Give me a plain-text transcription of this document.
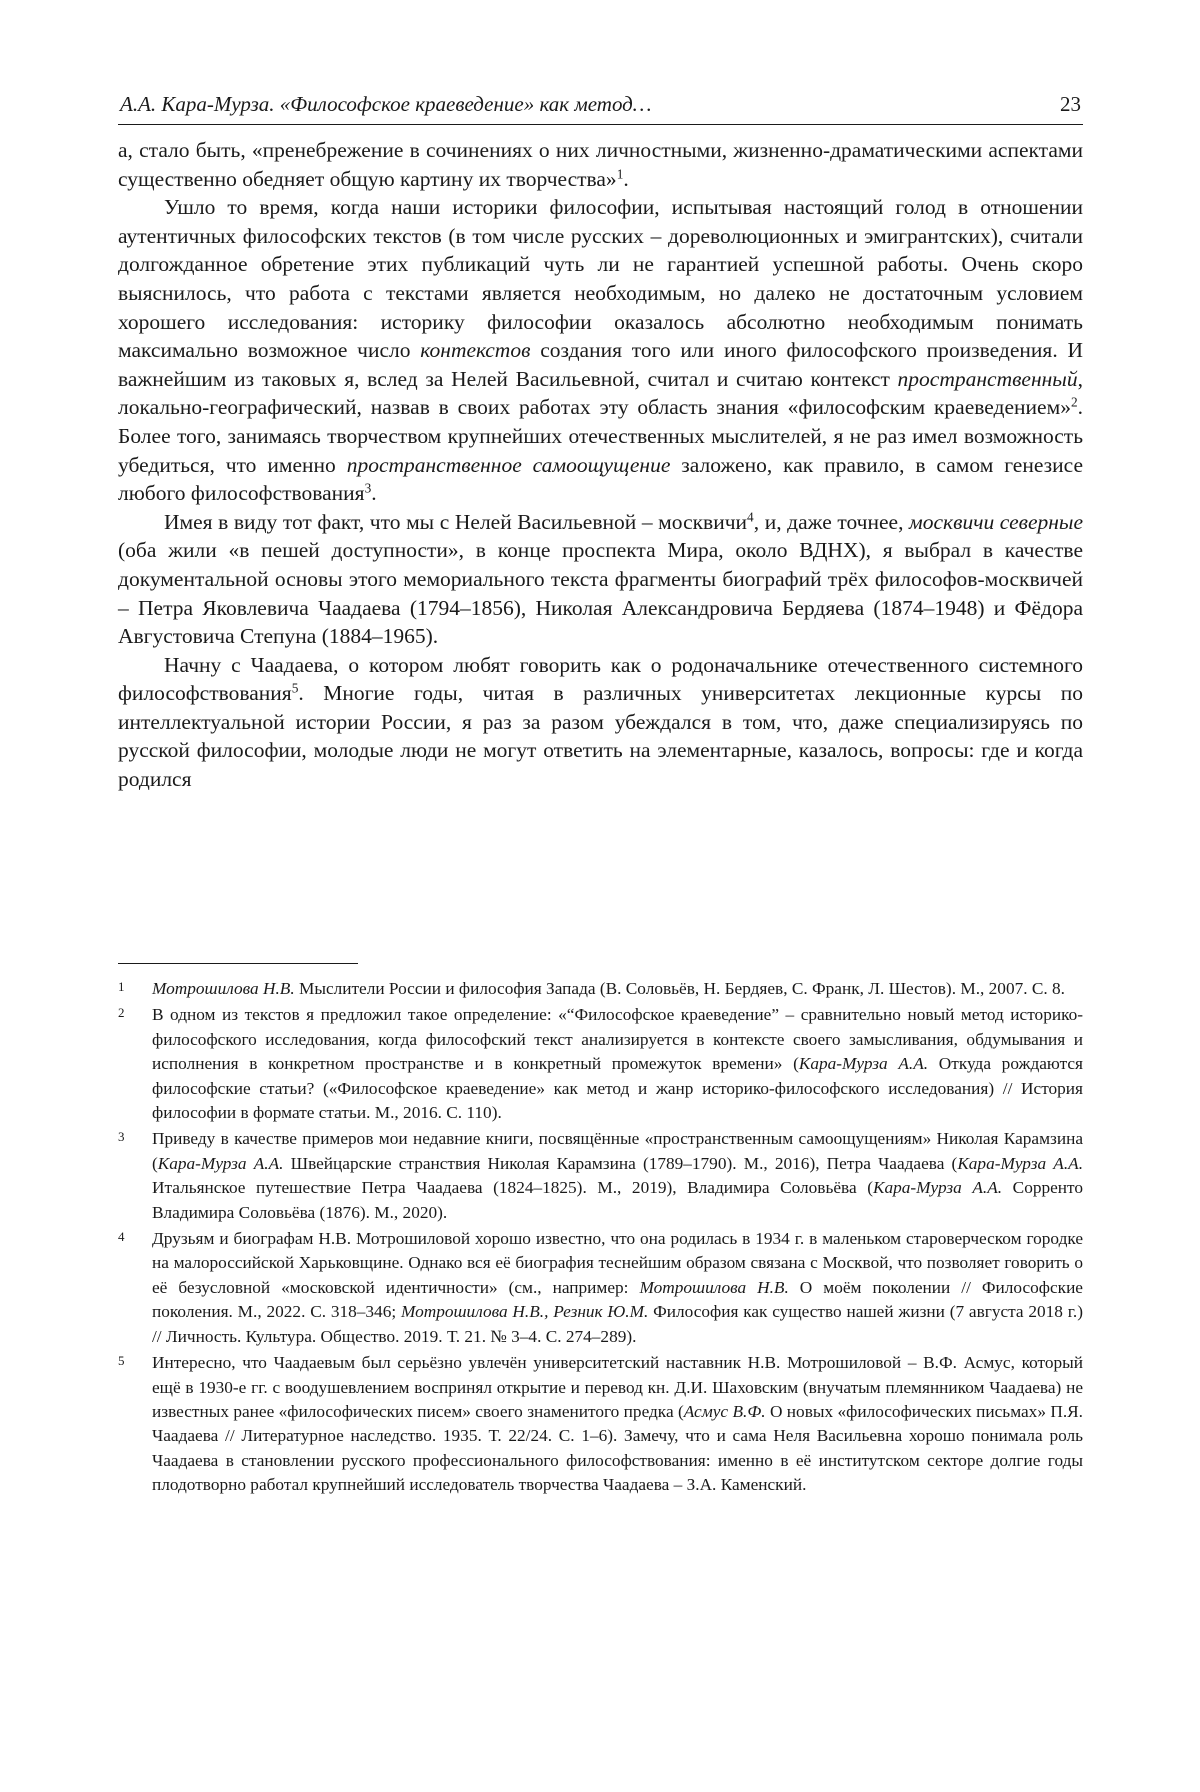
А.А. Кара-Мурза. «Философское краеведение» как метод…	23

а, стало быть, «пренебрежение в сочинениях о них личностными, жизненно-драматическими аспектами существенно обедняет общую картину их творчества»$^1$.

Ушло то время, когда наши историки философии, испытывая настоящий голод в отношении аутентичных философских текстов (в том числе русских – дореволюционных и эмигрантских), считали долгожданное обретение этих публикаций чуть ли не гарантией успешной работы. Очень скоро выяснилось, что работа с текстами является необходимым, но далеко не достаточным условием хорошего исследования: историку философии оказалось абсолютно необходимым понимать максимально возможное число контекстов создания того или иного философского произведения. И важнейшим из таковых я, вслед за Нелей Васильевной, считал и считаю контекст пространственный, локально-географический, назвав в своих работах эту область знания «философским краеведением»$^2$. Более того, занимаясь творчеством крупнейших отечественных мыслителей, я не раз имел возможность убедиться, что именно пространственное самоощущение заложено, как правило, в самом генезисе любого философствования$^3$.

Имея в виду тот факт, что мы с Нелей Васильевной – москвичи$^4$, и, даже точнее, москвичи северные (оба жили «в пешей доступности», в конце проспекта Мира, около ВДНХ), я выбрал в качестве документальной основы этого мемориального текста фрагменты биографий трёх философов-москвичей – Петра Яковлевича Чаадаева (1794–1856), Николая Александровича Бердяева (1874–1948) и Фёдора Августовича Степуна (1884–1965).

Начну с Чаадаева, о котором любят говорить как о родоначальнике отечественного системного философствования$^5$. Многие годы, читая в различных университетах лекционные курсы по интеллектуальной истории России, я раз за разом убеждался в том, что, даже специализируясь по русской философии, молодые люди не могут ответить на элементарные, казалось, вопросы: где и когда родился

1 Мотрошилова Н.В. Мыслители России и философия Запада (В. Соловьёв, Н. Бердяев, С. Франк, Л. Шестов). М., 2007. С. 8.
2 В одном из текстов я предложил такое определение: «“Философское краеведение” – сравнительно новый метод историко-философского исследования, когда философский текст анализируется в контексте своего замысливания, обдумывания и исполнения в конкретном пространстве и в конкретный промежуток времени» (Кара-Мурза А.А. Откуда рождаются философские статьи? («Философское краеведение» как метод и жанр историко-философского исследования) // История философии в формате статьи. М., 2016. С. 110).
3 Приведу в качестве примеров мои недавние книги, посвящённые «пространственным самоощущениям» Николая Карамзина (Кара-Мурза А.А. Швейцарские странствия Николая Карамзина (1789–1790). М., 2016), Петра Чаадаева (Кара-Мурза А.А. Итальянское путешествие Петра Чаадаева (1824–1825). М., 2019), Владимира Соловьёва (Кара-Мурза А.А. Сорренто Владимира Соловьёва (1876). М., 2020).
4 Друзьям и биографам Н.В. Мотрошиловой хорошо известно, что она родилась в 1934 г. в маленьком староверческом городке на малороссийской Харьковщине. Однако вся её биография теснейшим образом связана с Москвой, что позволяет говорить о её безусловной «московской идентичности» (см., например: Мотрошилова Н.В. О моём поколении // Философские поколения. М., 2022. С. 318–346; Мотрошилова Н.В., Резник Ю.М. Философия как существо нашей жизни (7 августа 2018 г.) // Личность. Культура. Общество. 2019. Т. 21. № 3–4. С. 274–289).
5 Интересно, что Чаадаевым был серьёзно увлечён университетский наставник Н.В. Мотрошиловой – В.Ф. Асмус, который ещё в 1930-е гг. с воодушевлением воспринял открытие и перевод кн. Д.И. Шаховским (внучатым племянником Чаадаева) не известных ранее «философических писем» своего знаменитого предка (Асмус В.Ф. О новых «философических письмах» П.Я. Чаадаева // Литературное наследство. 1935. Т. 22/24. С. 1–6). Замечу, что и сама Неля Васильевна хорошо понимала роль Чаадаева в становлении русского профессионального философствования: именно в её институтском секторе долгие годы плодотворно работал крупнейший исследователь творчества Чаадаева – З.А. Каменский.
